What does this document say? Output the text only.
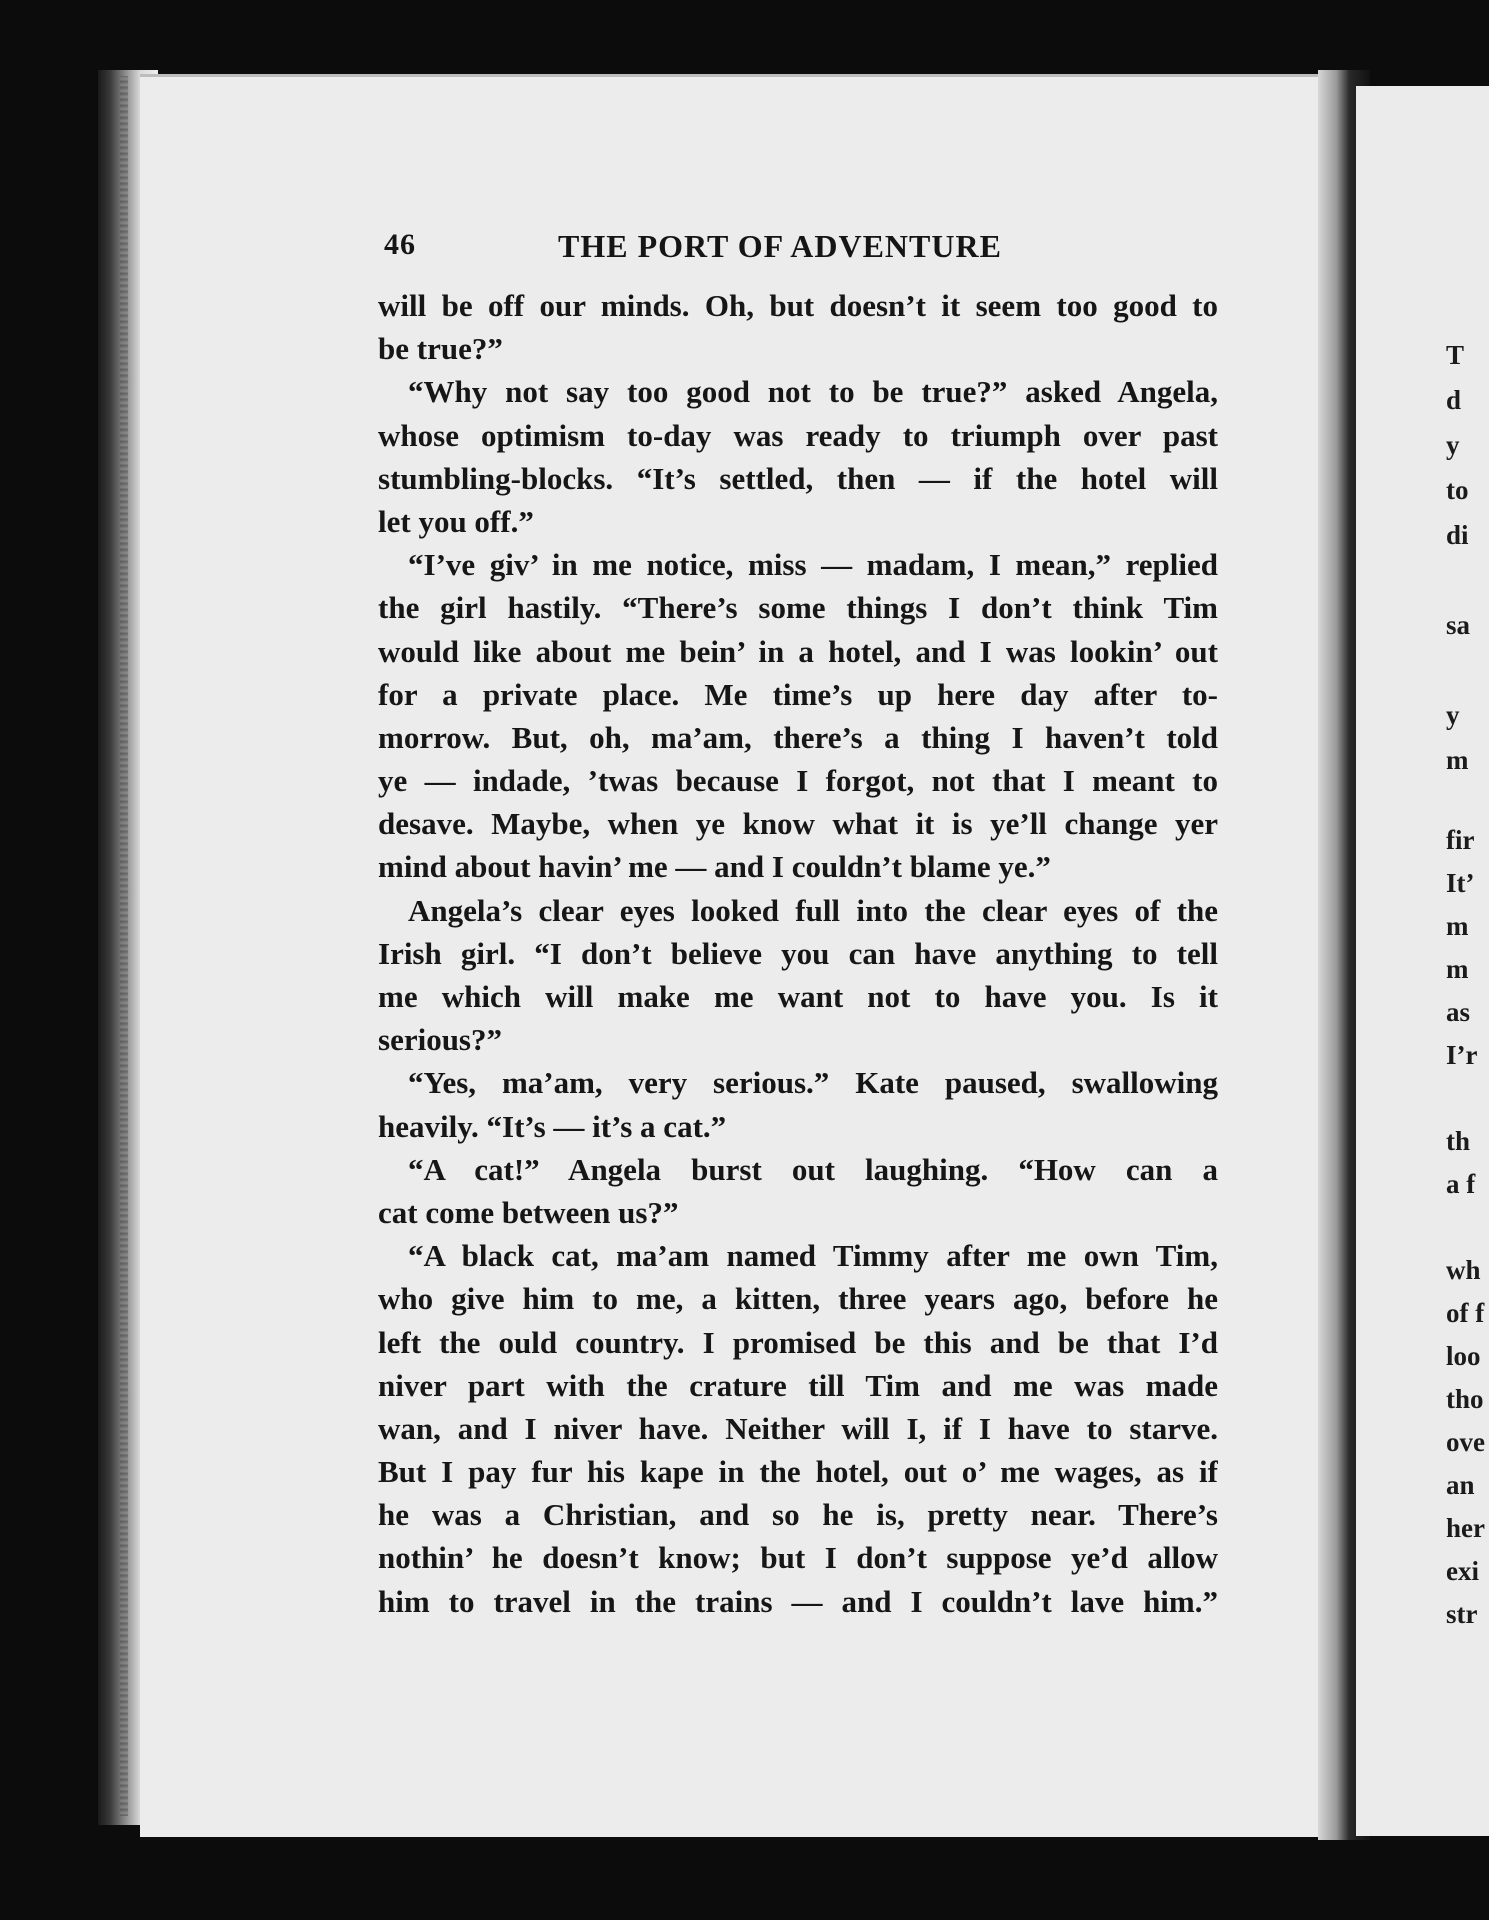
T
d
y
to
di
sa
y
m
fir
It’
m
m
as
I’r
th
a f
wh
of f
loo
tho
ove
an
her
exi
str
46	THE PORT OF ADVENTURE
will be off our minds. Oh, but doesn’t it seem too good to
be true?”
“Why not say too good not to be true?” asked Angela,
whose optimism to-day was ready to triumph over past
stumbling-blocks. “It’s settled, then — if the hotel will
let you off.”
“I’ve giv’ in me notice, miss — madam, I mean,” replied
the girl hastily. “There’s some things I don’t think Tim
would like about me bein’ in a hotel, and I was lookin’ out
for a private place. Me time’s up here day after to-
morrow. But, oh, ma’am, there’s a thing I haven’t told
ye — indade, ’twas because I forgot, not that I meant to
desave. Maybe, when ye know what it is ye’ll change yer
mind about havin’ me — and I couldn’t blame ye.”
Angela’s clear eyes looked full into the clear eyes of the
Irish girl. “I don’t believe you can have anything to tell
me which will make me want not to have you. Is it
serious?”
“Yes, ma’am, very serious.” Kate paused, swallowing
heavily. “It’s — it’s a cat.”
“A cat!” Angela burst out laughing. “How can a
cat come between us?”
“A black cat, ma’am named Timmy after me own Tim,
who give him to me, a kitten, three years ago, before he
left the ould country. I promised be this and be that I’d
niver part with the crature till Tim and me was made
wan, and I niver have. Neither will I, if I have to starve.
But I pay fur his kape in the hotel, out o’ me wages, as if
he was a Christian, and so he is, pretty near. There’s
nothin’ he doesn’t know; but I don’t suppose ye’d allow
him to travel in the trains — and I couldn’t lave him.”
